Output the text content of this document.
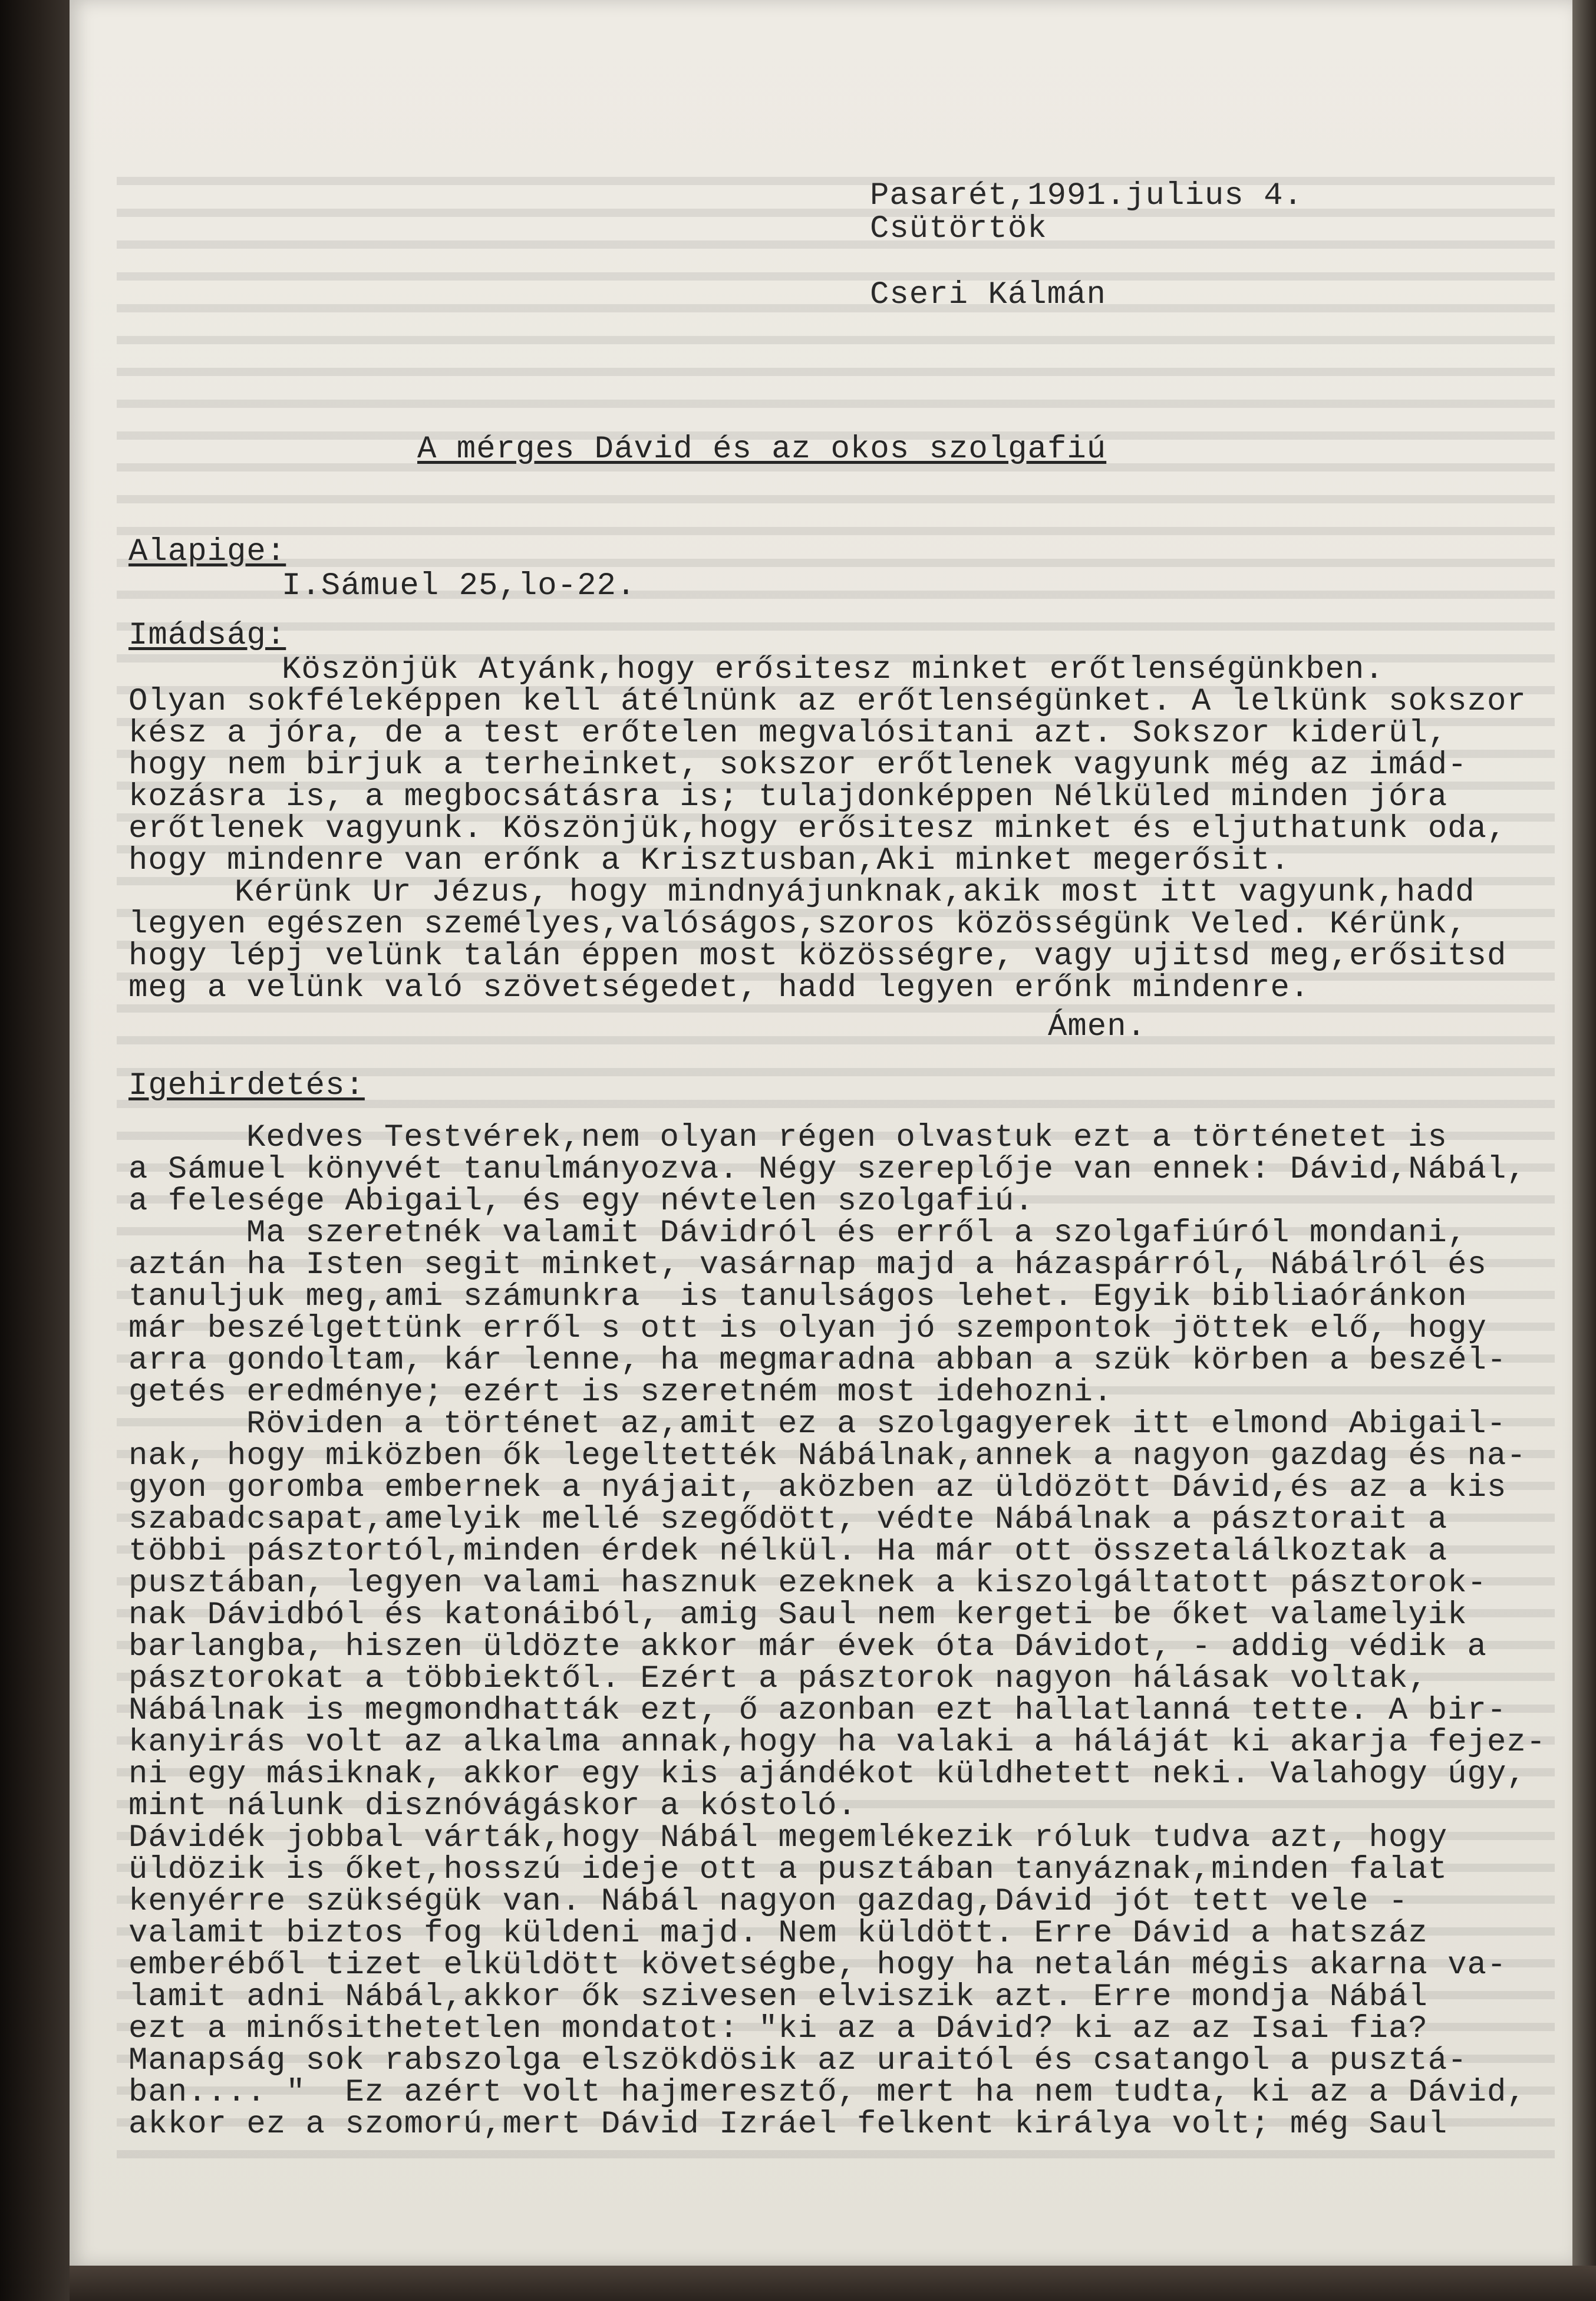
Pasarét,1991.julius 4.

Csütörtök

Cseri Kálmán

A mérges Dávid és az okos szolgafiú

Alapige:

I.Sámuel 25,lo-22.

Imádság:

Köszönjük Atyánk,hogy erősitesz minket erőtlenségünkben.

Olyan sokféleképpen kell átélnünk az erőtlenségünket. A lelkünk sokszor

kész a jóra, de a test erőtelen megvalósitani azt. Sokszor kiderül,

hogy nem birjuk a terheinket, sokszor erőtlenek vagyunk még az imád-

kozásra is, a megbocsátásra is; tulajdonképpen Nélküled minden jóra

erőtlenek vagyunk. Köszönjük,hogy erősitesz minket és eljuthatunk oda,

hogy mindenre van erőnk a Krisztusban,Aki minket megerősit.

Kérünk Ur Jézus, hogy mindnyájunknak,akik most itt vagyunk,hadd

legyen egészen személyes,valóságos,szoros közösségünk Veled. Kérünk,

hogy lépj velünk talán éppen most közösségre, vagy ujitsd meg,erősitsd

meg a velünk való szövetségedet, hadd legyen erőnk mindenre.

Ámen.

Igehirdetés:

Kedves Testvérek,nem olyan régen olvastuk ezt a történetet is

a Sámuel könyvét tanulmányozva. Négy szereplője van ennek: Dávid,Nábál,

a felesége Abigail, és egy névtelen szolgafiú.

Ma szeretnék valamit Dávidról és erről a szolgafiúról mondani,

aztán ha Isten segit minket, vasárnap majd a házaspárról, Nábálról és

tanuljuk meg,ami számunkra  is tanulságos lehet. Egyik bibliaóránkon

már beszélgettünk erről s ott is olyan jó szempontok jöttek elő, hogy

arra gondoltam, kár lenne, ha megmaradna abban a szük körben a beszél-

getés eredménye; ezért is szeretném most idehozni.

Röviden a történet az,amit ez a szolgagyerek itt elmond Abigail-

nak, hogy miközben ők legeltették Nábálnak,annek a nagyon gazdag és na-

gyon goromba embernek a nyájait, aközben az üldözött Dávid,és az a kis

szabadcsapat,amelyik mellé szegődött, védte Nábálnak a pásztorait a

többi pásztortól,minden érdek nélkül. Ha már ott összetalálkoztak a

pusztában, legyen valami hasznuk ezeknek a kiszolgáltatott pásztorok-

nak Dávidból és katonáiból, amig Saul nem kergeti be őket valamelyik

barlangba, hiszen üldözte akkor már évek óta Dávidot, - addig védik a

pásztorokat a többiektől. Ezért a pásztorok nagyon hálásak voltak,

Nábálnak is megmondhatták ezt, ő azonban ezt hallatlanná tette. A bir-

kanyirás volt az alkalma annak,hogy ha valaki a háláját ki akarja fejez-

ni egy másiknak, akkor egy kis ajándékot küldhetett neki. Valahogy úgy,

mint nálunk disznóvágáskor a kóstoló.

Dávidék jobbal várták,hogy Nábál megemlékezik róluk tudva azt, hogy

üldözik is őket,hosszú ideje ott a pusztában tanyáznak,minden falat

kenyérre szükségük van. Nábál nagyon gazdag,Dávid jót tett vele -

valamit biztos fog küldeni majd. Nem küldött. Erre Dávid a hatszáz

emberéből tizet elküldött követségbe, hogy ha netalán mégis akarna va-

lamit adni Nábál,akkor ők szivesen elviszik azt. Erre mondja Nábál

ezt a minősithetetlen mondatot: "ki az a Dávid? ki az az Isai fia?

Manapság sok rabszolga elszökdösik az uraitól és csatangol a pusztá-

ban.... "  Ez azért volt hajmeresztő, mert ha nem tudta, ki az a Dávid,

akkor ez a szomorú,mert Dávid Izráel felkent királya volt; még Saul
